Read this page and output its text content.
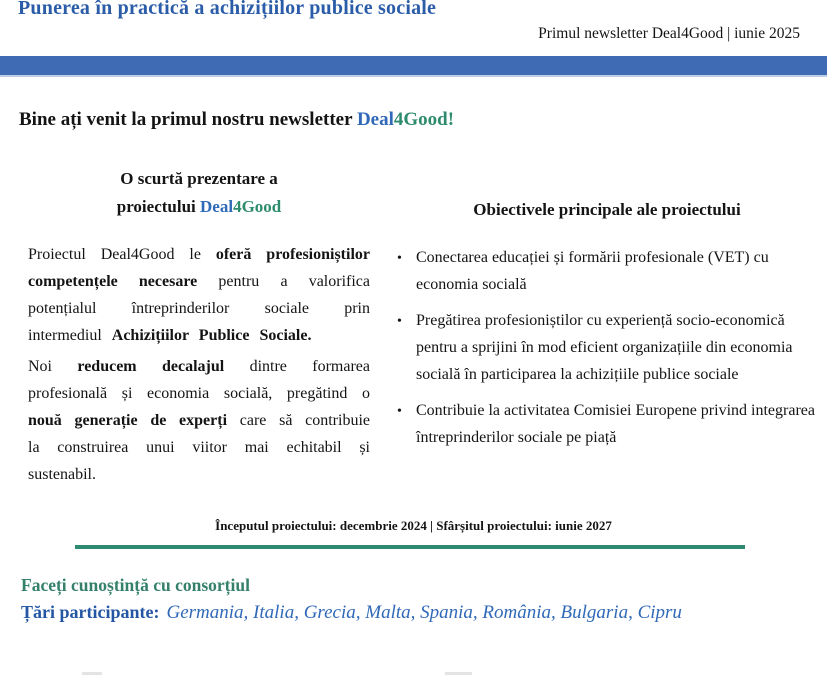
Punerea în practică a achizițiilor publice sociale
Primul newsletter Deal4Good | iunie 2025
Bine ați venit la primul nostru newsletter Deal4Good!
O scurtă prezentare a
proiectului Deal4Good

Proiectul Deal4Good le oferă profesioniștilor competențele necesare pentru a valorifica potențialul întreprinderilor sociale prin intermediul Achizițiilor Publice Sociale.

Noi reducem decalajul dintre formarea profesională și economia socială, pregătind o nouă generație de experți care să contribuie la construirea unui viitor mai echitabil și sustenabil.

Obiectivele principale ale proiectului
• Conectarea educației și formării profesionale (VET) cu economia socială
• Pregătirea profesioniștilor cu experiență socio-economică pentru a sprijini în mod eficient organizațiile din economia socială în participarea la achizițiile publice sociale
• Contribuie la activitatea Comisiei Europene privind integrarea întreprinderilor sociale pe piață
Începutul proiectului: decembrie 2024 | Sfârșitul proiectului: iunie 2027
Faceți cunoștință cu consorțiul
Țări participante: Germania, Italia, Grecia, Malta, Spania, România, Bulgaria, Cipru
